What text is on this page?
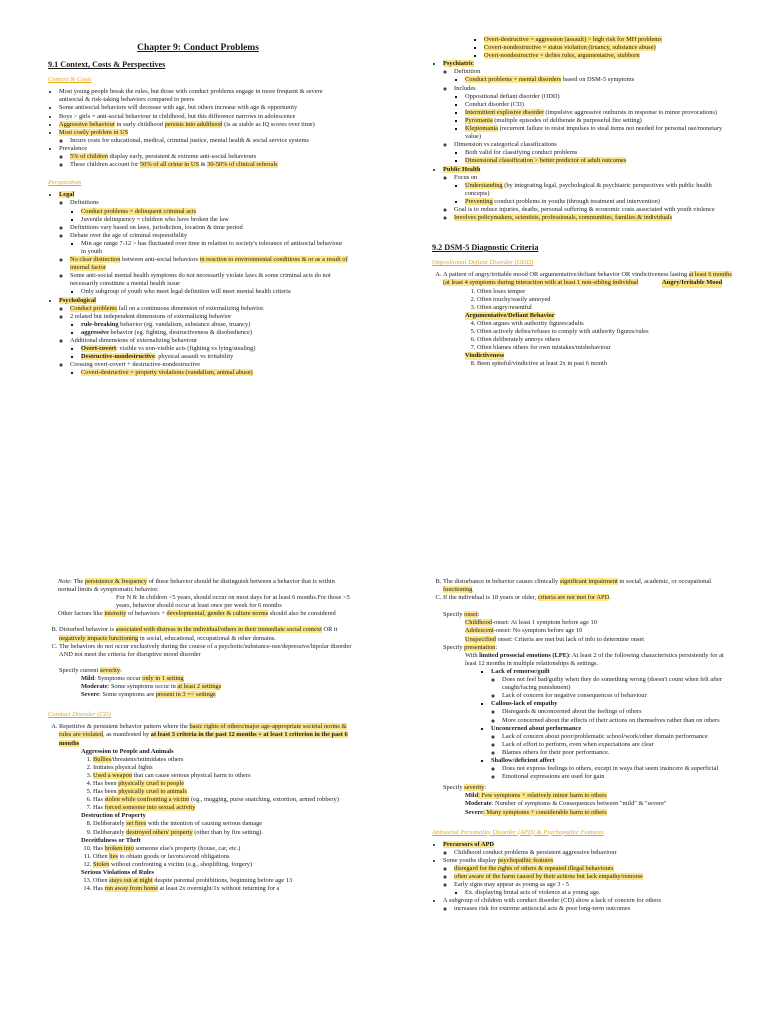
Chapter 9: Conduct Problems
9.1 Context, Costs & Perspectives
Context & Costs
• Most young people break the rules, but those with conduct problems engage in more frequent & severe antisocial & risk-taking behaviors compared to peers
• Some antisocial behaviors will decrease with age, but others increase with age & opportunity
• Boys > girls = anti-social behaviour in childhood, but this difference narrows in adolescence
• Aggressive behaviour in early childhood persists into adulthood (is as stable as IQ scores over time)
• Most costly problem in US
◦ Incurs costs for educational, medical, criminal justice, mental health & social service systems
• Prevalence
◦ 5% of children display early, persistent & extreme anti-social behaviours
◦ These children account for 50% of all crime in US & 30-50% of clinical referrals
Perspectives
• Legal
◦ Definitions
▪ Conduct problems = delinquent criminal acts
▪ Juvenile delinquency = children who have broken the law
◦ Definitions vary based on laws, jurisdiction, location & time period
◦ Debate over the age of criminal responsibility
▪ Min age range 7-12 > has fluctuated over time in relation to society's tolerance of antisocial behaviour in youth
◦ No clear distinction between anti-social behaviors in reaction to environmental conditions & or as a result of internal factor
◦ Some anti-social mental health symptoms do not necessarily violate laws & some criminal acts do not necessarily constitute a mental health issue
▪ Only subgroup of youth who meet legal definition will meet mental health criteria
• Psychological
◦ Conduct problems fall on a continuous dimension of externalizing behavior.
◦ 2 related but independent dimensions of externalizing behavior
▪ rule-breaking behavior (eg. vandalism, substance abuse, truancy)
▪ aggressive behavior (eg. fighting, destructiveness & disobedience)
◦ Additional dimensions of externalizing behaviour
▪ Overt-covert: visible vs non-visible acts (fighting vs lying/stealing)
▪ Destructive-nondestructive: physical assault vs irritability
◦ Crossing overt-covert + destructive-nondestructive
▪ Covert-destructive = property violations (vandalism, animal abuse)
▪ Overt-destructive = aggression (assault) > high risk for MH problems
▪ Covert-nondestructive = status violation (truancy, substance abuse)
▪ Overt-nondestructive = defies rules, argumentative, stubborn
• Psychiatric
◦ Definition
▪ Conduct problems = mental disorders based on DSM-5 symptoms
◦ Includes
▪ Oppositional defiant disorder (ODD)
▪ Conduct disorder (CD)
▪ Intermittent explosive disorder (impulsive aggressive outbursts in response to minor provocations)
▪ Pyromania (multiple episodes of deliberate & purposeful fire setting)
▪ Kleptomania (recurrent failure to resist impulses to steal items not needed for personal use/monetary value)
◦ Dimension vs categorical classifications
▪ Both valid for classifying conduct problems
▪ Dimensional classification > better predictor of adult outcomes
• Public Health
◦ Focus on
▪ Understanding (by integrating legal, psychological & psychiatric perspectives with public health concepts)
▪ Preventing conduct problems in youths (through treatment and intervention)
◦ Goal is to reduce injuries, deaths, personal suffering & economic costs associated with youth violence
◦ Involves policymakers, scientists, professionals, communities, families & individuals
9.2 DSM-5 Diagnostic Criteria
Oppositional Defiant Disorder (ODD)
A. A pattern of angry/irritable mood OR argumentative/defiant behavior OR vindictiveness lasting at least 6 months (at least 4 symptoms during interaction with at least 1 non-sibling individual	Angry/Irritable Mood
1. Often loses temper
2. Often touchy/easily annoyed
3. Often angry/resentful
Argumentative/Defiant Behavior
4. Often argues with authority figures/adults
5. Often actively defies/refuses to comply with authority figures/rules
6. Often deliberately annoys others
7. Often blames others for own mistakes/misbehaviour
Vindictiveness
8. Been spiteful/vindictive at least 2x in past 6 month
Note: The persistence & frequency of these behavior should be distinguish between a behavior that is within normal limits & symptomatic behavior.
For N 8: In children <5 years, should occur on most days for at least 6 months.For those >5 years, behavior should occur at least once per week for 6 months
Other factors like intensity of behaviors + developmental, gender & culture norms should also be considered
B. Disturbed behavior is associated with distress in the individual/others in their immediate social context OR it negatively impacts functioning in social, educational, occupational & other domains.
C. The behaviors do not occur exclusively during the course of a psychotic/substance-use/depressive/bipolar disorder AND not meet the criteria for disruptive mood disorder
Specify current severity:
Mild: Symptoms occur only in 1 setting
Moderate: Some symptoms occur in at least 2 settings
Severe: Some symptoms are present in 3 =< settings
Conduct Disorder (CD)
A. Repetitive & persistent behavior pattern where the basic rights of others/major age-appropriate societal norms & rules are violated, as manifested by at least 3 criteria in the past 12 months + at least 1 criterion in the past 6 months
Aggression to People and Animals
1. Bullies/threatens/intimidates others
2. Initiates physical fights
3. Used a weapon that can cause serious physical harm to others
4. Has been physically cruel to people
5. Has been physically cruel to animals
6. Has stolen while confronting a victim (eg., mugging, purse snatching, extortion, armed robbery)
7. Has forced someone into sexual activity
Destruction of Property
8. Deliberately set fires with the intention of causing serious damage
9. Deliberately destroyed others' property (other than by fire setting).
Deceitfulness or Theft
10. Has broken into someone else's property (house, car, etc.)
11. Often lies to obtain goods or favors/avoid obligations
12. Stolen without confronting a victim (e.g., shoplifting, forgery)
Serious Violations of Rules
13. Often stays out at night despite parental prohibitions, beginning before age 13
14. Has run away from home at least 2x overnight/1x without returning for a
B. The disturbance in behavior causes clinically significant impairment in social, academic, or occupational functioning
C. If the individual is 18 years or older, criteria are not met for APD.
Specify onset:
Childhood-onset: At least 1 symptom before age 10
Adolescent-onset: No symptom before age 10
Unspecified onset: Criteria are met but lack of info to determine onset
Specify presentation:
With limited prosocial emotions (LPE): At least 2 of the following characteristics persistently for at least 12 months in multiple relationships & settings.
▪ Lack of remorse/guilt
◦ Does not feel bad/guilty when they do something wrong (doesn't count when felt after caught/facing punishment)
◦ Lack of concern for negative consequences of behaviour
▪ Callous-lack of empathy
◦ Disregards & unconcerned about the feelings of others
◦ More concerned about the effects of their actions on themselves rather than on others
▪ Unconcerned about performance
◦ Lack of concern about poor/problematic school/work/other domain performance
◦ Lack of effort to perform, even when expectations are clear
◦ Blames others for their poor performance.
▪ Shallow/deficient affect
◦ Does not express feelings to others, except in ways that seem insincere & superficial
◦ Emotional expressions are used for gain
Specify severity:
Mild: Few symptoms + relatively minor harm to others
Moderate: Number of symptoms & Consequences between "mild" & "severe"
Severe: Many symptoms + considerable harm to others
Antisocial Personality Disorder (APD) & Psychopathic Features
• Precursors of APD
◦ Childhood conduct problems & persistent aggressive behaviour
• Some youths display psychopathic features
◦ disregard for the rights of others & repeated illegal behaviours
◦ often aware of the harm caused by their actions but lack empathy/remorse
◦ Early signs may appear as young as age 3 - 5
▪ Ex. displaying brutal acts of violence at a young age.
• A subgroup of children with conduct disorder (CD) show a lack of concern for others
◦ increases risk for extreme antisocial acts & poor long-term outcomes
